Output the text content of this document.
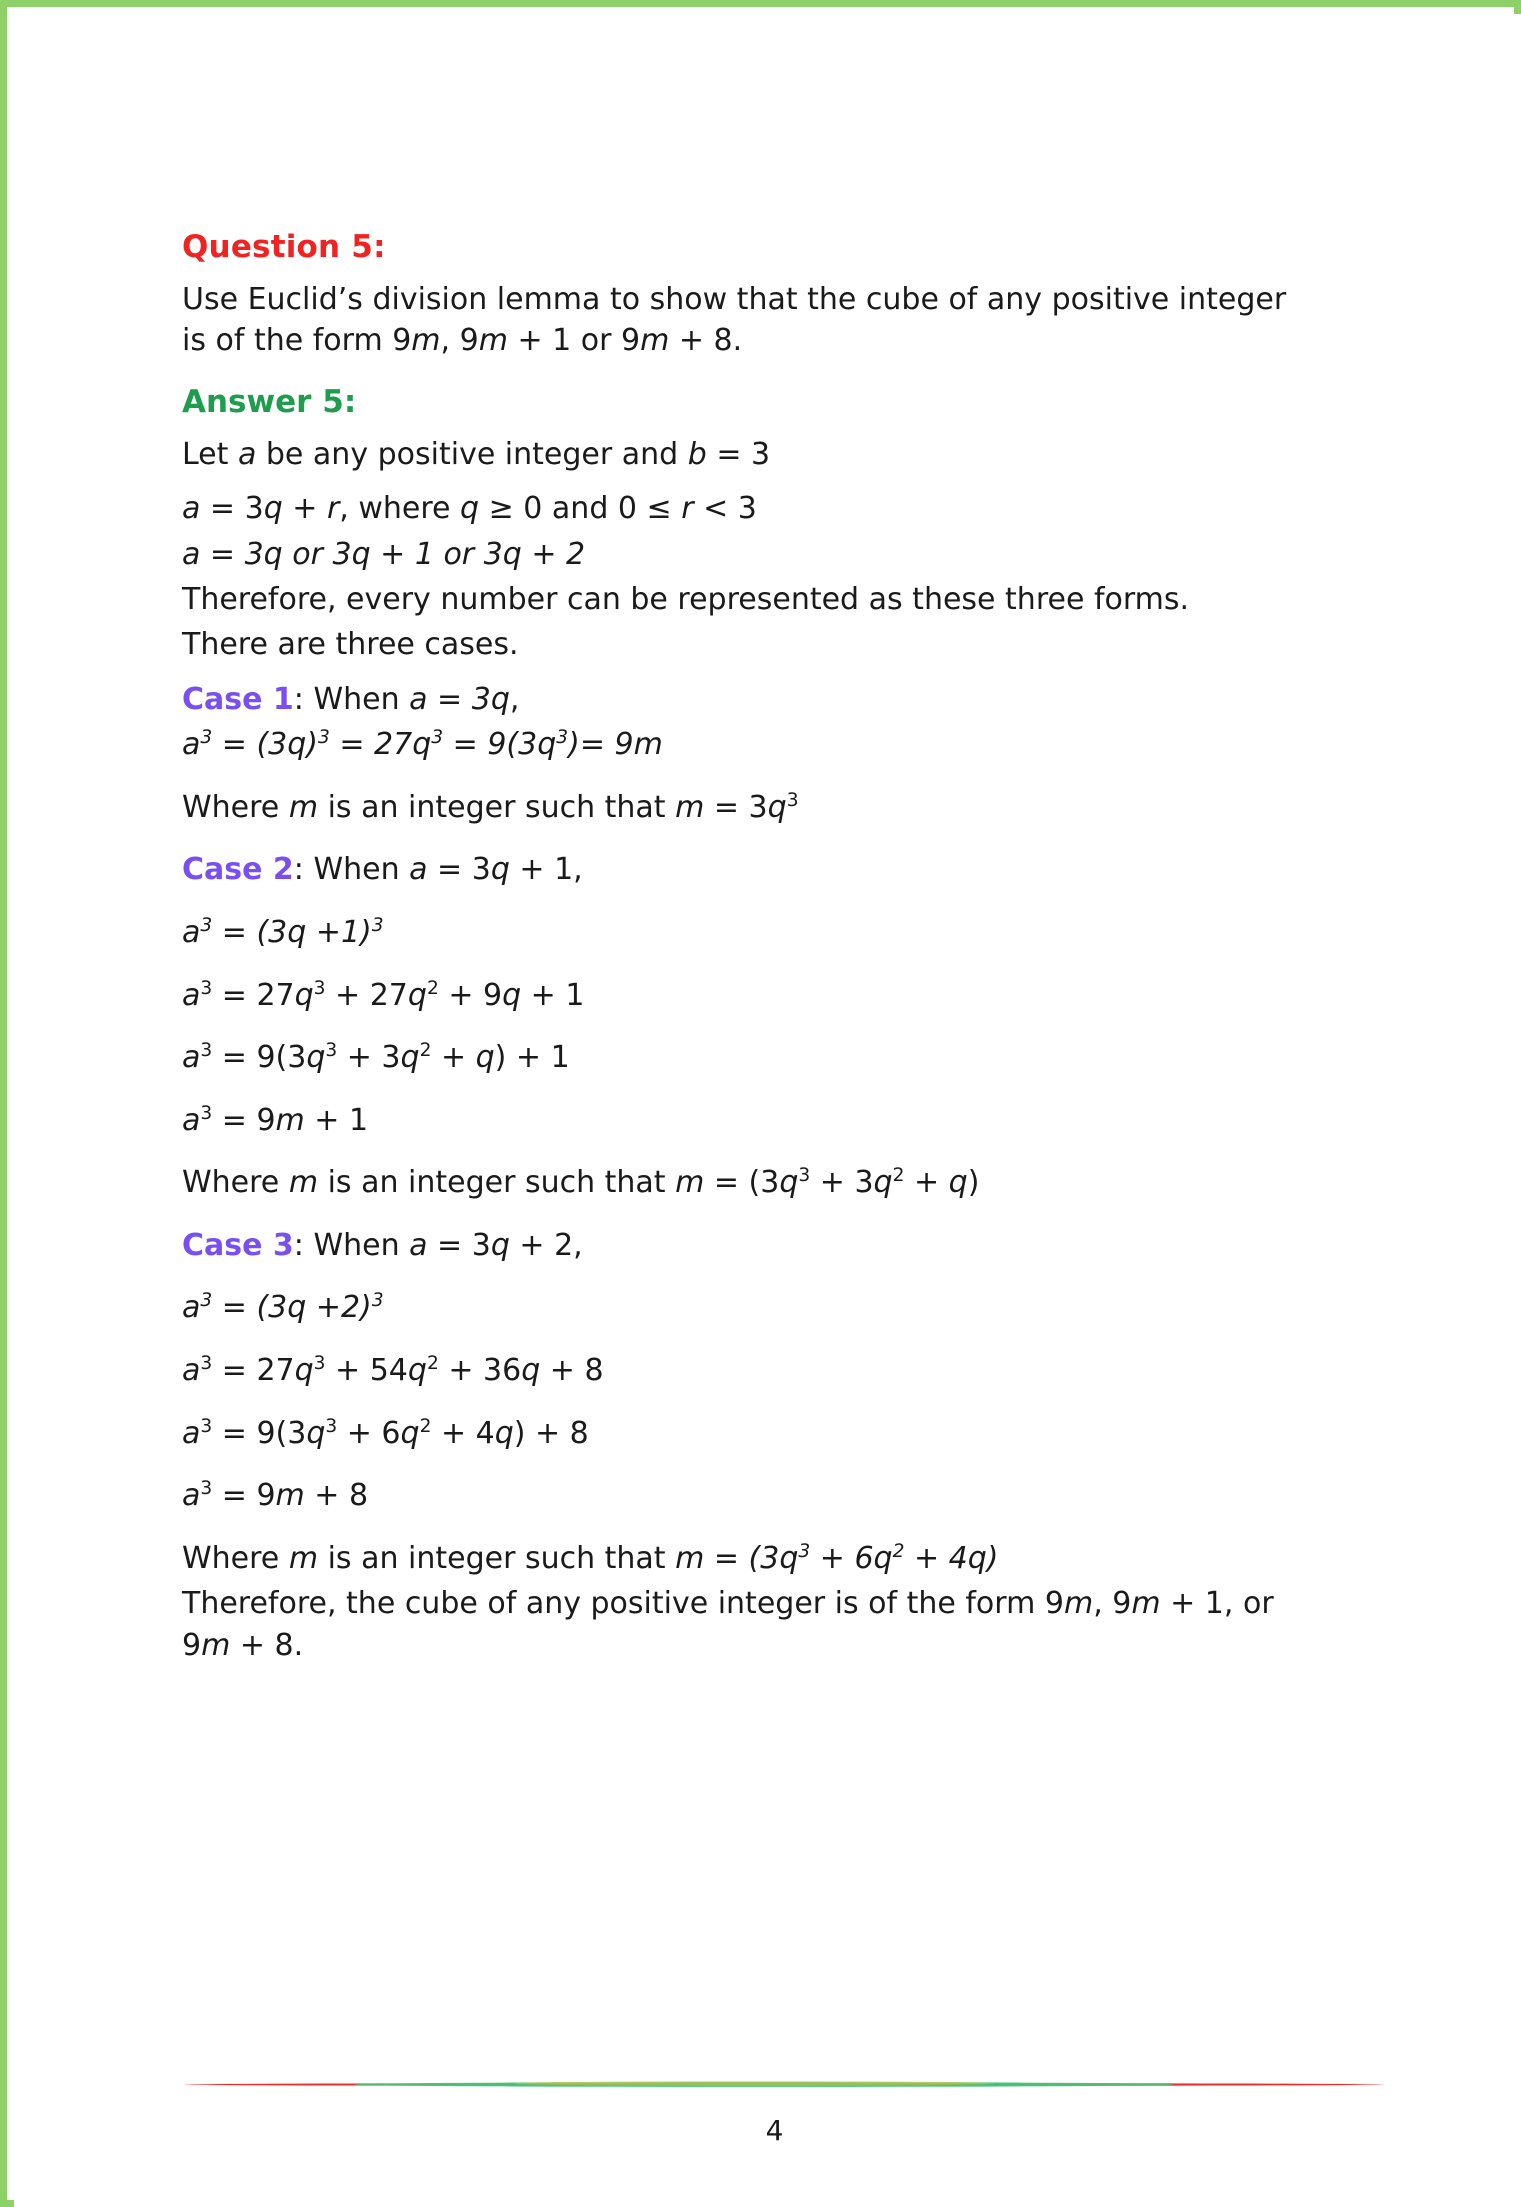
Question 5:

Use Euclid’s division lemma to show that the cube of any positive integer
is of the form 9m, 9m + 1 or 9m + 8.

Answer 5:

Let a be any positive integer and b = 3

a = 3q + r, where q ≥ 0 and 0 ≤ r < 3

a = 3q or 3q + 1 or 3q + 2

Therefore, every number can be represented as these three forms.

There are three cases.

Case 1: When a = 3q,

$a^3 = (3q)^3 = 27q^3 = 9(3q^3)= 9m$

Where m is an integer such that $m = 3q^3$

Case 2: When a = 3q + 1,

$a^3 = (3q +1)^3$

$a^3 = 27q^3 + 27q^2 + 9q + 1$

$a^3 = 9(3q^3 + 3q^2 + q) + 1$

$a^3 = 9m + 1$

Where m is an integer such that $m = (3q^3 + 3q^2 + q)$

Case 3: When a = 3q + 2,

$a^3 = (3q +2)^3$

$a^3 = 27q^3 + 54q^2 + 36q + 8$

$a^3 = 9(3q^3 + 6q^2 + 4q) + 8$

$a^3 = 9m + 8$

Where m is an integer such that $m = (3q^3 + 6q^2 + 4q)$

Therefore, the cube of any positive integer is of the form 9m, 9m + 1, or
9m + 8.

4
